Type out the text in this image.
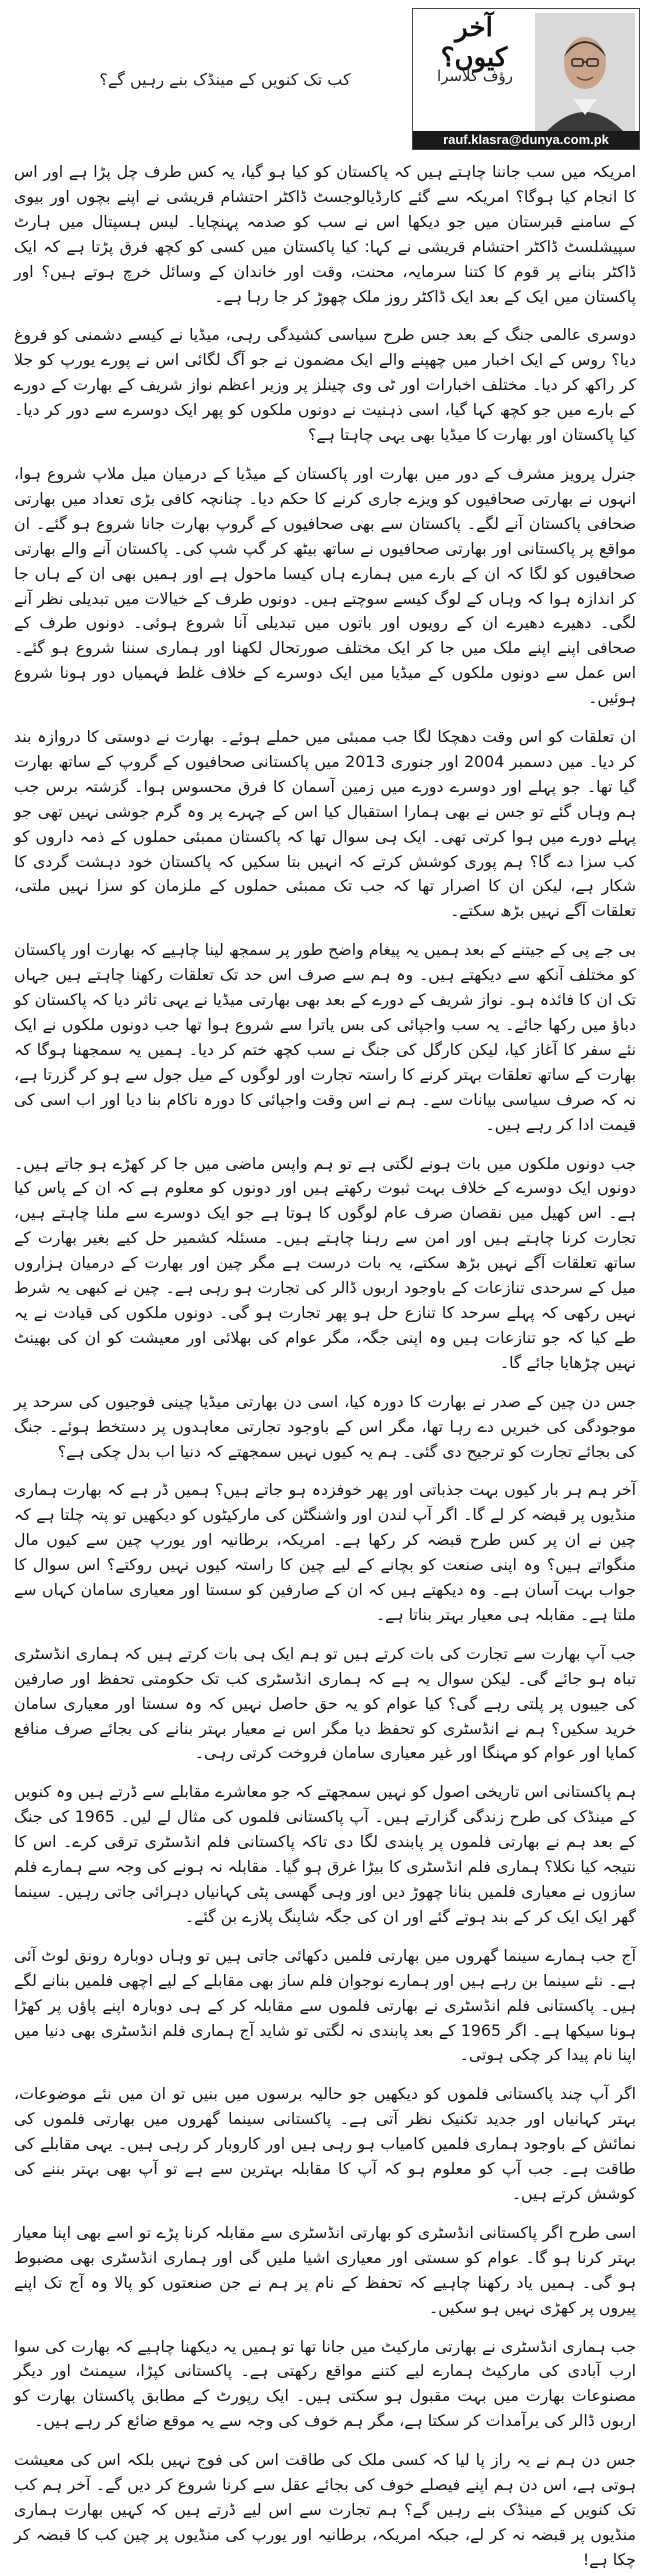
کب تک کنویں کے مینڈک بنے رہیں گے؟
آخر کیوں؟
رؤف کلاسرا
rauf.klasra@dunya.com.pk

امریکہ میں سب جاننا چاہتے ہیں کہ پاکستان کو کیا ہو گیا، یہ کس طرف چل پڑا ہے اور اس کا انجام کیا ہوگا؟ امریکہ سے گئے کارڈیالوجسٹ ڈاکٹر احتشام قریشی نے اپنے بچوں اور بیوی کے سامنے قبرستان میں جو دیکھا اس نے سب کو صدمہ پہنچایا۔ لیس ہسپتال میں ہارٹ سپیشلسٹ ڈاکٹر احتشام قریشی نے کہا: کیا پاکستان میں کسی کو کچھ فرق پڑتا ہے کہ ایک ڈاکٹر بنانے پر قوم کا کتنا سرمایہ، محنت، وقت اور خاندان کے وسائل خرچ ہوتے ہیں؟ اور پاکستان میں ایک کے بعد ایک ڈاکٹر روز ملک چھوڑ کر جا رہا ہے۔

دوسری عالمی جنگ کے بعد جس طرح سیاسی کشیدگی رہی، میڈیا نے کیسے دشمنی کو فروغ دیا؟ روس کے ایک اخبار میں چھپنے والے ایک مضمون نے جو آگ لگائی اس نے پورے یورپ کو جلا کر راکھ کر دیا۔ مختلف اخبارات اور ٹی وی چینلز پر وزیر اعظم نواز شریف کے بھارت کے دورے کے بارے میں جو کچھ کہا گیا، اسی ذہنیت نے دونوں ملکوں کو پھر ایک دوسرے سے دور کر دیا۔ کیا پاکستان اور بھارت کا میڈیا بھی یہی چاہتا ہے؟

جنرل پرویز مشرف کے دور میں بھارت اور پاکستان کے میڈیا کے درمیان میل ملاپ شروع ہوا، انہوں نے بھارتی صحافیوں کو ویزے جاری کرنے کا حکم دیا۔ چنانچہ کافی بڑی تعداد میں بھارتی صحافی پاکستان آنے لگے۔ پاکستان سے بھی صحافیوں کے گروپ بھارت جانا شروع ہو گئے۔ ان مواقع پر پاکستانی اور بھارتی صحافیوں نے ساتھ بیٹھ کر گپ شپ کی۔ پاکستان آنے والے بھارتی صحافیوں کو لگا کہ ان کے بارے میں ہمارے ہاں کیسا ماحول ہے اور ہمیں بھی ان کے ہاں جا کر اندازہ ہوا کہ وہاں کے لوگ کیسے سوچتے ہیں۔ دونوں طرف کے خیالات میں تبدیلی نظر آنے لگی۔ دھیرے دھیرے ان کے رویوں اور باتوں میں تبدیلی آنا شروع ہوئی۔ دونوں طرف کے صحافی اپنے اپنے ملک میں جا کر ایک مختلف صورتحال لکھنا اور ہماری سننا شروع ہو گئے۔ اس عمل سے دونوں ملکوں کے میڈیا میں ایک دوسرے کے خلاف غلط فہمیاں دور ہونا شروع ہوئیں۔

ان تعلقات کو اس وقت دھچکا لگا جب ممبئی میں حملے ہوئے۔ بھارت نے دوستی کا دروازہ بند کر دیا۔ میں دسمبر 2004 اور جنوری 2013 میں پاکستانی صحافیوں کے گروپ کے ساتھ بھارت گیا تھا۔ جو پہلے اور دوسرے دورے میں زمین آسمان کا فرق محسوس ہوا۔ گزشتہ برس جب ہم وہاں گئے تو جس نے بھی ہمارا استقبال کیا اس کے چہرے پر وہ گرم جوشی نہیں تھی جو پہلے دورے میں ہوا کرتی تھی۔ ایک ہی سوال تھا کہ پاکستان ممبئی حملوں کے ذمہ داروں کو کب سزا دے گا؟ ہم پوری کوشش کرتے کہ انہیں بتا سکیں کہ پاکستان خود دہشت گردی کا شکار ہے، لیکن ان کا اصرار تھا کہ جب تک ممبئی حملوں کے ملزمان کو سزا نہیں ملتی، تعلقات آگے نہیں بڑھ سکتے۔

بی جے پی کے جیتنے کے بعد ہمیں یہ پیغام واضح طور پر سمجھ لینا چاہیے کہ بھارت اور پاکستان کو مختلف آنکھ سے دیکھتے ہیں۔ وہ ہم سے صرف اس حد تک تعلقات رکھنا چاہتے ہیں جہاں تک ان کا فائدہ ہو۔ نواز شریف کے دورے کے بعد بھی بھارتی میڈیا نے یہی تاثر دیا کہ پاکستان کو دباؤ میں رکھا جائے۔ یہ سب واجپائی کی بس یاترا سے شروع ہوا تھا جب دونوں ملکوں نے ایک نئے سفر کا آغاز کیا، لیکن کارگل کی جنگ نے سب کچھ ختم کر دیا۔ ہمیں یہ سمجھنا ہوگا کہ بھارت کے ساتھ تعلقات بہتر کرنے کا راستہ تجارت اور لوگوں کے میل جول سے ہو کر گزرتا ہے، نہ کہ صرف سیاسی بیانات سے۔ ہم نے اس وقت واجپائی کا دورہ ناکام بنا دیا اور اب اسی کی قیمت ادا کر رہے ہیں۔

جب دونوں ملکوں میں بات ہونے لگتی ہے تو ہم واپس ماضی میں جا کر کھڑے ہو جاتے ہیں۔ دونوں ایک دوسرے کے خلاف بہت ثبوت رکھتے ہیں اور دونوں کو معلوم ہے کہ ان کے پاس کیا ہے۔ اس کھیل میں نقصان صرف عام لوگوں کا ہوتا ہے جو ایک دوسرے سے ملنا چاہتے ہیں، تجارت کرنا چاہتے ہیں اور امن سے رہنا چاہتے ہیں۔ مسئلہ کشمیر حل کیے بغیر بھارت کے ساتھ تعلقات آگے نہیں بڑھ سکتے، یہ بات درست ہے مگر چین اور بھارت کے درمیان ہزاروں میل کے سرحدی تنازعات کے باوجود اربوں ڈالر کی تجارت ہو رہی ہے۔ چین نے کبھی یہ شرط نہیں رکھی کہ پہلے سرحد کا تنازع حل ہو پھر تجارت ہو گی۔ دونوں ملکوں کی قیادت نے یہ طے کیا کہ جو تنازعات ہیں وہ اپنی جگہ، مگر عوام کی بھلائی اور معیشت کو ان کی بھینٹ نہیں چڑھایا جائے گا۔

جس دن چین کے صدر نے بھارت کا دورہ کیا، اسی دن بھارتی میڈیا چینی فوجیوں کی سرحد پر موجودگی کی خبریں دے رہا تھا، مگر اس کے باوجود تجارتی معاہدوں پر دستخط ہوئے۔ جنگ کی بجائے تجارت کو ترجیح دی گئی۔ ہم یہ کیوں نہیں سمجھتے کہ دنیا اب بدل چکی ہے؟

آخر ہم ہر بار کیوں بہت جذباتی اور پھر خوفزدہ ہو جاتے ہیں؟ ہمیں ڈر ہے کہ بھارت ہماری منڈیوں پر قبضہ کر لے گا۔ اگر آپ لندن اور واشنگٹن کی مارکیٹوں کو دیکھیں تو پتہ چلتا ہے کہ چین نے ان پر کس طرح قبضہ کر رکھا ہے۔ امریکہ، برطانیہ اور یورپ چین سے کیوں مال منگواتے ہیں؟ وہ اپنی صنعت کو بچانے کے لیے چین کا راستہ کیوں نہیں روکتے؟ اس سوال کا جواب بہت آسان ہے۔ وہ دیکھتے ہیں کہ ان کے صارفین کو سستا اور معیاری سامان کہاں سے ملتا ہے۔ مقابلہ ہی معیار بہتر بناتا ہے۔

جب آپ بھارت سے تجارت کی بات کرتے ہیں تو ہم ایک ہی بات کرتے ہیں کہ ہماری انڈسٹری تباہ ہو جائے گی۔ لیکن سوال یہ ہے کہ ہماری انڈسٹری کب تک حکومتی تحفظ اور صارفین کی جیبوں پر پلتی رہے گی؟ کیا عوام کو یہ حق حاصل نہیں کہ وہ سستا اور معیاری سامان خرید سکیں؟ ہم نے انڈسٹری کو تحفظ دیا مگر اس نے معیار بہتر بنانے کی بجائے صرف منافع کمایا اور عوام کو مہنگا اور غیر معیاری سامان فروخت کرتی رہی۔

ہم پاکستانی اس تاریخی اصول کو نہیں سمجھتے کہ جو معاشرے مقابلے سے ڈرتے ہیں وہ کنویں کے مینڈک کی طرح زندگی گزارتے ہیں۔ آپ پاکستانی فلموں کی مثال لے لیں۔ 1965 کی جنگ کے بعد ہم نے بھارتی فلموں پر پابندی لگا دی تاکہ پاکستانی فلم انڈسٹری ترقی کرے۔ اس کا نتیجہ کیا نکلا؟ ہماری فلم انڈسٹری کا بیڑا غرق ہو گیا۔ مقابلہ نہ ہونے کی وجہ سے ہمارے فلم سازوں نے معیاری فلمیں بنانا چھوڑ دیں اور وہی گھسی پٹی کہانیاں دہرائی جاتی رہیں۔ سینما گھر ایک ایک کر کے بند ہوتے گئے اور ان کی جگہ شاپنگ پلازے بن گئے۔

آج جب ہمارے سینما گھروں میں بھارتی فلمیں دکھائی جاتی ہیں تو وہاں دوبارہ رونق لوٹ آئی ہے۔ نئے سینما بن رہے ہیں اور ہمارے نوجوان فلم ساز بھی مقابلے کے لیے اچھی فلمیں بنانے لگے ہیں۔ پاکستانی فلم انڈسٹری نے بھارتی فلموں سے مقابلہ کر کے ہی دوبارہ اپنے پاؤں پر کھڑا ہونا سیکھا ہے۔ اگر 1965 کے بعد پابندی نہ لگتی تو شاید آج ہماری فلم انڈسٹری بھی دنیا میں اپنا نام پیدا کر چکی ہوتی۔

اگر آپ چند پاکستانی فلموں کو دیکھیں جو حالیہ برسوں میں بنیں تو ان میں نئے موضوعات، بہتر کہانیاں اور جدید تکنیک نظر آتی ہے۔ پاکستانی سینما گھروں میں بھارتی فلموں کی نمائش کے باوجود ہماری فلمیں کامیاب ہو رہی ہیں اور کاروبار کر رہی ہیں۔ یہی مقابلے کی طاقت ہے۔ جب آپ کو معلوم ہو کہ آپ کا مقابلہ بہترین سے ہے تو آپ بھی بہتر بننے کی کوشش کرتے ہیں۔

اسی طرح اگر پاکستانی انڈسٹری کو بھارتی انڈسٹری سے مقابلہ کرنا پڑے تو اسے بھی اپنا معیار بہتر کرنا ہو گا۔ عوام کو سستی اور معیاری اشیا ملیں گی اور ہماری انڈسٹری بھی مضبوط ہو گی۔ ہمیں یاد رکھنا چاہیے کہ تحفظ کے نام پر ہم نے جن صنعتوں کو پالا وہ آج تک اپنے پیروں پر کھڑی نہیں ہو سکیں۔

جب ہماری انڈسٹری نے بھارتی مارکیٹ میں جانا تھا تو ہمیں یہ دیکھنا چاہیے کہ بھارت کی سوا ارب آبادی کی مارکیٹ ہمارے لیے کتنے مواقع رکھتی ہے۔ پاکستانی کپڑا، سیمنٹ اور دیگر مصنوعات بھارت میں بہت مقبول ہو سکتی ہیں۔ ایک رپورٹ کے مطابق پاکستان بھارت کو اربوں ڈالر کی برآمدات کر سکتا ہے، مگر ہم خوف کی وجہ سے یہ موقع ضائع کر رہے ہیں۔

جس دن ہم نے یہ راز پا لیا کہ کسی ملک کی طاقت اس کی فوج نہیں بلکہ اس کی معیشت ہوتی ہے، اس دن ہم اپنے فیصلے خوف کی بجائے عقل سے کرنا شروع کر دیں گے۔ آخر ہم کب تک کنویں کے مینڈک بنے رہیں گے؟ ہم تجارت سے اس لیے ڈرتے ہیں کہ کہیں بھارت ہماری منڈیوں پر قبضہ نہ کر لے، جبکہ امریکہ، برطانیہ اور یورپ کی منڈیوں پر چین کب کا قبضہ کر چکا ہے!
